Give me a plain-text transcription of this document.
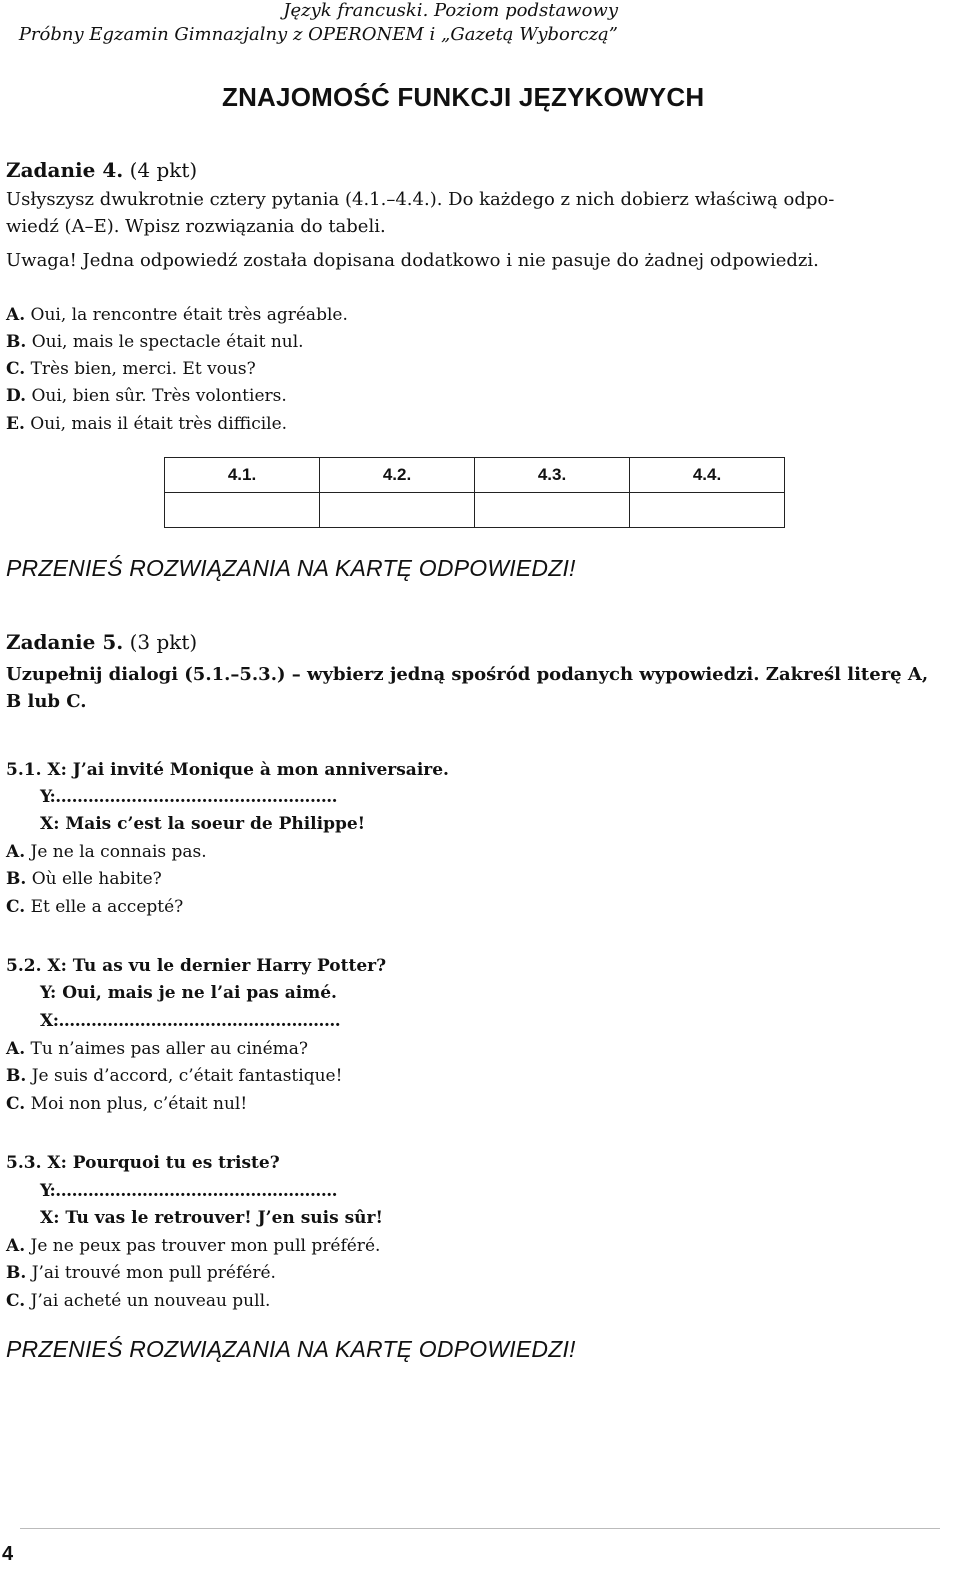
Język francuski. Poziom podstawowy
Próbny Egzamin Gimnazjalny z OPERONEM i „Gazetą Wyborczą”
ZNAJOMOŚĆ FUNKCJI JĘZYKOWYCH
Zadanie 4. (4 pkt)
Usłyszysz dwukrotnie cztery pytania (4.1.–4.4.). Do każdego z nich dobierz właściwą odpo-
wiedź (A–E). Wpisz rozwiązania do tabeli.
Uwaga! Jedna odpowiedź została dopisana dodatkowo i nie pasuje do żadnej odpowiedzi.
A. Oui, la rencontre était très agréable.
B. Oui, mais le spectacle était nul.
C. Très bien, merci. Et vous?
D. Oui, bien sûr. Très volontiers.
E. Oui, mais il était très difficile.
4.1.	4.2.	4.3.	4.4.

PRZENIEŚ ROZWIĄZANIA NA KARTĘ ODPOWIEDZI!
Zadanie 5. (3 pkt)
Uzupełnij dialogi (5.1.–5.3.) – wybierz jedną spośród podanych wypowiedzi. Zakreśl literę A,
B lub C.
5.1. X: J’ai invité Monique à mon anniversaire.
Y:....................................................
X: Mais c’est la soeur de Philippe!
A. Je ne la connais pas.
B. Où elle habite?
C. Et elle a accepté?
5.2. X: Tu as vu le dernier Harry Potter?
Y: Oui, mais je ne l’ai pas aimé.
X:....................................................
A. Tu n’aimes pas aller au cinéma?
B. Je suis d’accord, c’était fantastique!
C. Moi non plus, c’était nul!
5.3. X: Pourquoi tu es triste?
Y:....................................................
X: Tu vas le retrouver! J’en suis sûr!
A. Je ne peux pas trouver mon pull préféré.
B. J’ai trouvé mon pull préféré.
C. J’ai acheté un nouveau pull.
PRZENIEŚ ROZWIĄZANIA NA KARTĘ ODPOWIEDZI!
4
